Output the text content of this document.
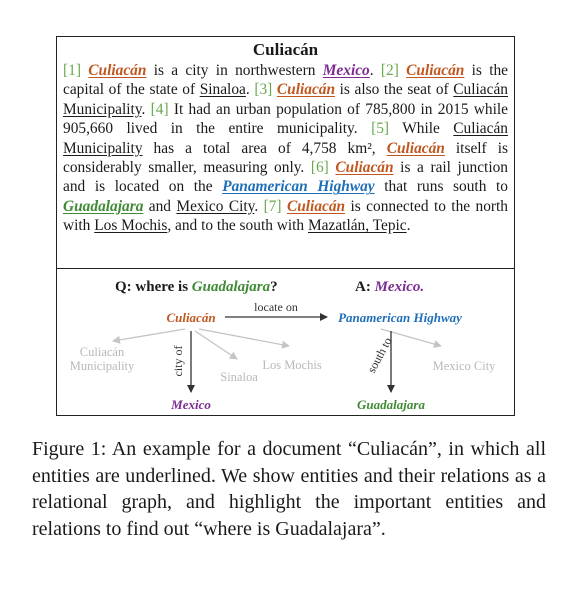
Culiacán
[1] Culiacán is a city in northwestern Mexico. [2] Culiacán is the capital of the state of Sinaloa. [3] Culiacán is also the seat of Culiacán Municipality. [4] It had an urban population of 785,800 in 2015 while 905,660 lived in the entire municipality. [5] While Culiacán Municipality has a total area of 4,758 km², Culiacán itself is considerably smaller, measuring only. [6] Culiacán is a rail junction and is located on the Panamerican Highway that runs south to Guadalajara and Mexico City. [7] Culiacán is connected to the north with Los Mochis, and to the south with Mazatlán, Tepic.
Q: where is Guadalajara?	A: Mexico.
locate on
city of	south to
Culiacán	Panamerican Highway
Culiacán
Municipality
Sinaloa
Los Mochis	Mexico City
Mexico	Guadalajara
Figure 1: An example for a document “Culiacán”, in which all entities are underlined. We show entities and their relations as a relational graph, and highlight the important entities and relations to find out “where is Guadalajara”.
